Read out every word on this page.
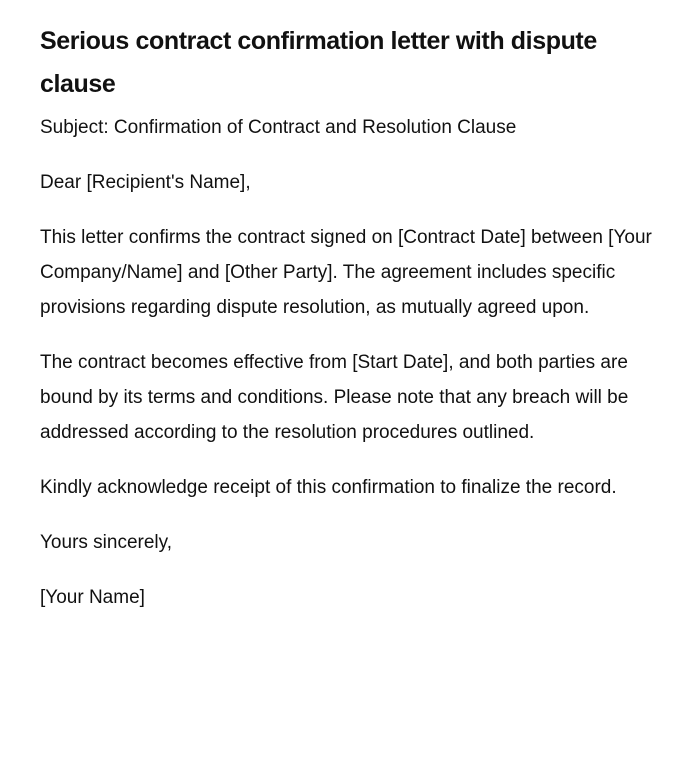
Serious contract confirmation letter with dispute clause

Subject: Confirmation of Contract and Resolution Clause

Dear [Recipient's Name],

This letter confirms the contract signed on [Contract Date] between [Your Company/Name] and [Other Party]. The agreement includes specific provisions regarding dispute resolution, as mutually agreed upon.

The contract becomes effective from [Start Date], and both parties are bound by its terms and conditions. Please note that any breach will be addressed according to the resolution procedures outlined.

Kindly acknowledge receipt of this confirmation to finalize the record.

Yours sincerely,

[Your Name]
